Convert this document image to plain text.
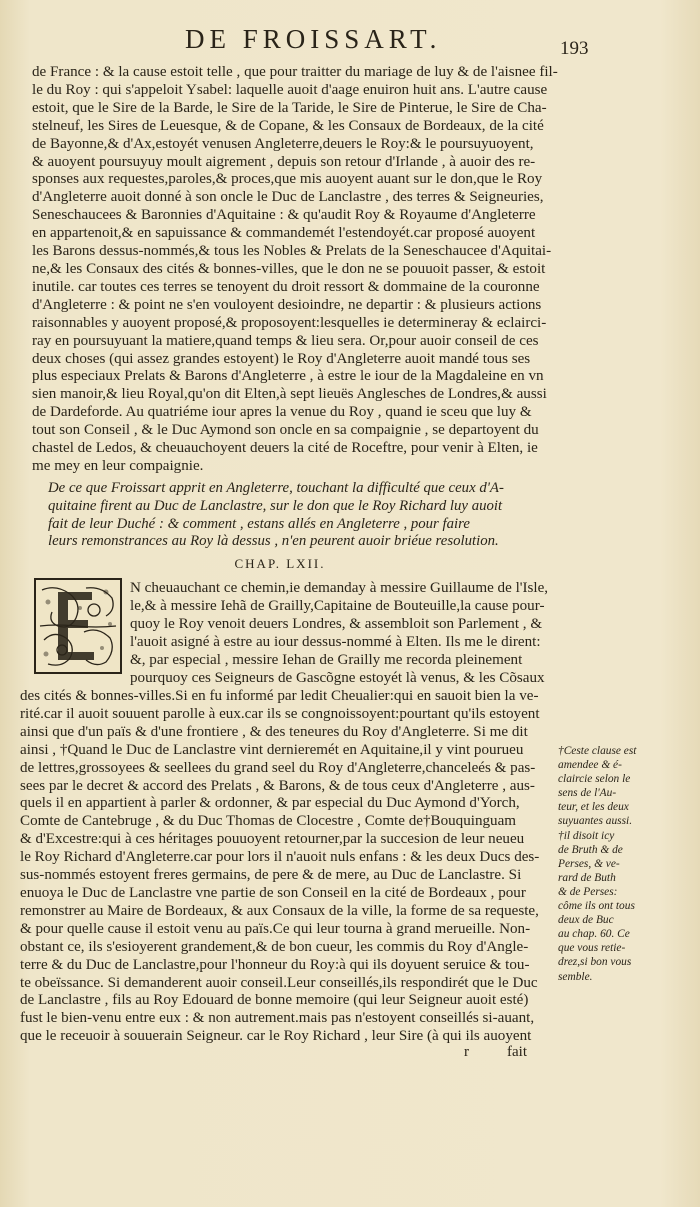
DE FROISSART.	193
de France : & la cause estoit telle , que pour traitter du mariage de luy & de l'aisnee fil-
le du Roy : qui s'appeloit Ysabel: laquelle auoit d'aage enuiron huit ans. L'autre cause
estoit, que le Sire de la Barde, le Sire de la Taride, le Sire de Pinterue, le Sire de Cha-
stelneuf, les Sires de Leuesque, & de Copane, & les Consaux de Bordeaux, de la cité
de Bayonne,& d'Ax,estoyét venusen Angleterre,deuers le Roy:& le poursuyuoyent,
& auoyent poursuyuy moult aigrement , depuis son retour d'Irlande , à auoir des re-
sponses aux requestes,paroles,& proces,que mis auoyent auant sur le don,que le Roy
d'Angleterre auoit donné à son oncle le Duc de Lanclastre , des terres & Seigneuries,
Seneschaucees & Baronnies d'Aquitaine : & qu'audit Roy & Royaume d'Angleterre
en appartenoit,& en sapuissance & commandemét l'estendoyét.car proposé auoyent
les Barons dessus-nommés,& tous les Nobles & Prelats de la Seneschaucee d'Aquitai-
ne,& les Consaux des cités & bonnes-villes, que le don ne se pouuoit passer, & estoit
inutile. car toutes ces terres se tenoyent du droit ressort & dommaine de la couronne
d'Angleterre : & point ne s'en vouloyent desioindre, ne departir : & plusieurs actions
raisonnables y auoyent proposé,& proposoyent:lesquelles ie determineray & eclairci-
ray en poursuyuant la matiere,quand temps & lieu sera. Or,pour auoir conseil de ces
deux choses (qui assez grandes estoyent) le Roy d'Angleterre auoit mandé tous ses
plus especiaux Prelats & Barons d'Angleterre , à estre le iour de la Magdaleine en vn
sien manoir,& lieu Royal,qu'on dit Elten,à sept lieuës Anglesches de Londres,& aussi
de Dardeforde. Au quatriéme iour apres la venue du Roy , quand ie sceu que luy &
tout son Conseil , & le Duc Aymond son oncle en sa compaignie , se departoyent du
chastel de Ledos, & cheuauchoyent deuers la cité de Roceftre, pour venir à Elten, ie
me mey en leur compaignie.
De ce que Froissart apprit en Angleterre, touchant la difficulté que ceux d'A-
quitaine firent au Duc de Lanclastre, sur le don que le Roy Richard luy auoit
fait de leur Duché : & comment , estans allés en Angleterre , pour faire
leurs remonstrances au Roy là dessus , n'en peurent auoir briéue resolution.
CHAP. LXII.
N cheuauchant ce chemin,ie demanday à messire Guillaume de l'Isle,
le,& à messire Iehã de Grailly,Capitaine de Bouteuille,la cause pour-
quoy le Roy venoit deuers Londres, & assembloit son Parlement , &
l'auoit asigné à estre au iour dessus-nommé à Elten. Ils me le dirent:
&, par especial , messire Iehan de Grailly me recorda pleinement
pourquoy ces Seigneurs de Gascõgne estoyét là venus, & les Cõsaux
des cités & bonnes-villes.Si en fu informé par ledit Cheualier:qui en sauoit bien la ve-
rité.car il auoit souuent parolle à eux.car ils se congnoissoyent:pourtant qu'ils estoyent
ainsi que d'un païs & d'une frontiere , & des teneures du Roy d'Angleterre. Si me dit
ainsi , †Quand le Duc de Lanclastre vint dernieremét en Aquitaine,il y vint pourueu
de lettres,grossoyees & seellees du grand seel du Roy d'Angleterre,chanceleés & pas-
sees par le decret & accord des Prelats , & Barons, & de tous ceux d'Angleterre , aus-
quels il en appartient à parler & ordonner, & par especial du Duc Aymond d'Yorch,
Comte de Cantebruge , & du Duc Thomas de Clocestre , Comte de†Bouquinguam
& d'Excestre:qui à ces héritages pouuoyent retourner,par la succesion de leur neueu
le Roy Richard d'Angleterre.car pour lors il n'auoit nuls enfans : & les deux Ducs des-
sus-nommés estoyent freres germains, de pere & de mere, au Duc de Lanclastre. Si
enuoya le Duc de Lanclastre vne partie de son Conseil en la cité de Bordeaux , pour
remonstrer au Maire de Bordeaux, & aux Consaux de la ville, la forme de sa requeste,
& pour quelle cause il estoit venu au païs.Ce qui leur tourna à grand merueille. Non-
obstant ce, ils s'esioyerent grandement,& de bon cueur, les commis du Roy d'Angle-
terre & du Duc de Lanclastre,pour l'honneur du Roy:à qui ils doyuent seruice & tou-
te obeïssance. Si demanderent auoir conseil.Leur conseillés,ils respondirét que le Duc
de Lanclastre , fils au Roy Edouard de bonne memoire (qui leur Seigneur auoit esté)
fust le bien-venu entre eux : & non autrement.mais pas n'estoyent conseillés si-auant,
que le receuoir à souuerain Seigneur. car le Roy Richard , leur Sire (à qui ils auoyent
†Ceste clause est
amendee & é-
claircie selon le
sens de l'Au-
teur, et les deux
suyuantes aussi.
†il disoit icy
de Bruth & de
Perses, & ve-
rard de Buth
& de Perses:
côme ils ont tous
deux de Buc
au chap. 60. Ce
que vous retie-
drez,si bon vous
semble.
r	fait
